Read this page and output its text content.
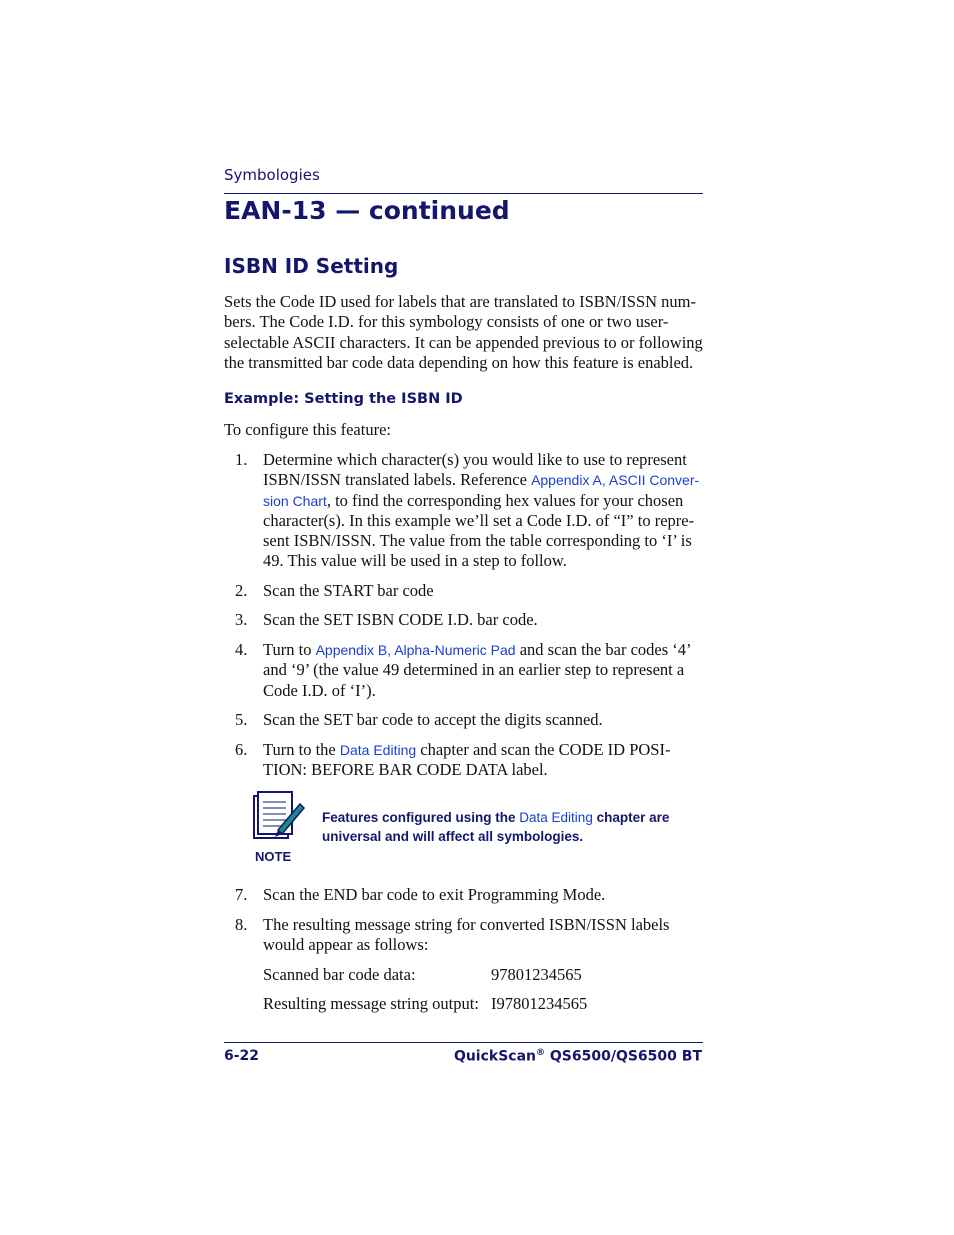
Symbologies
EAN-13 — continued
ISBN ID Setting
Sets the Code ID used for labels that are translated to ISBN/ISSN num-
bers. The Code I.D. for this symbology consists of one or two user-
selectable ASCII characters. It can be appended previous to or following
the transmitted bar code data depending on how this feature is enabled.
Example: Setting the ISBN ID
To configure this feature:
1. Determine which character(s) you would like to use to represent
ISBN/ISSN translated labels. Reference Appendix A, ASCII Conver-
sion Chart, to find the corresponding hex values for your chosen
character(s). In this example we’ll set a Code I.D. of “I” to repre-
sent ISBN/ISSN. The value from the table corresponding to ‘I’ is
49. This value will be used in a step to follow.
2. Scan the START bar code
3. Scan the SET ISBN CODE I.D. bar code.
4. Turn to Appendix B, Alpha-Numeric Pad and scan the bar codes ‘4’
and ‘9’ (the value 49 determined in an earlier step to represent a
Code I.D. of ‘I’).
5. Scan the SET bar code to accept the digits scanned.
6. Turn to the Data Editing chapter and scan the CODE ID POSI-
TION: BEFORE BAR CODE DATA label.
NOTE
Features configured using the Data Editing chapter are
universal and will affect all symbologies.
7. Scan the END bar code to exit Programming Mode.
8. The resulting message string for converted ISBN/ISSN labels
would appear as follows:
Scanned bar code data:	97801234565
Resulting message string output: I97801234565
6-22	QuickScan® QS6500/QS6500 BT
